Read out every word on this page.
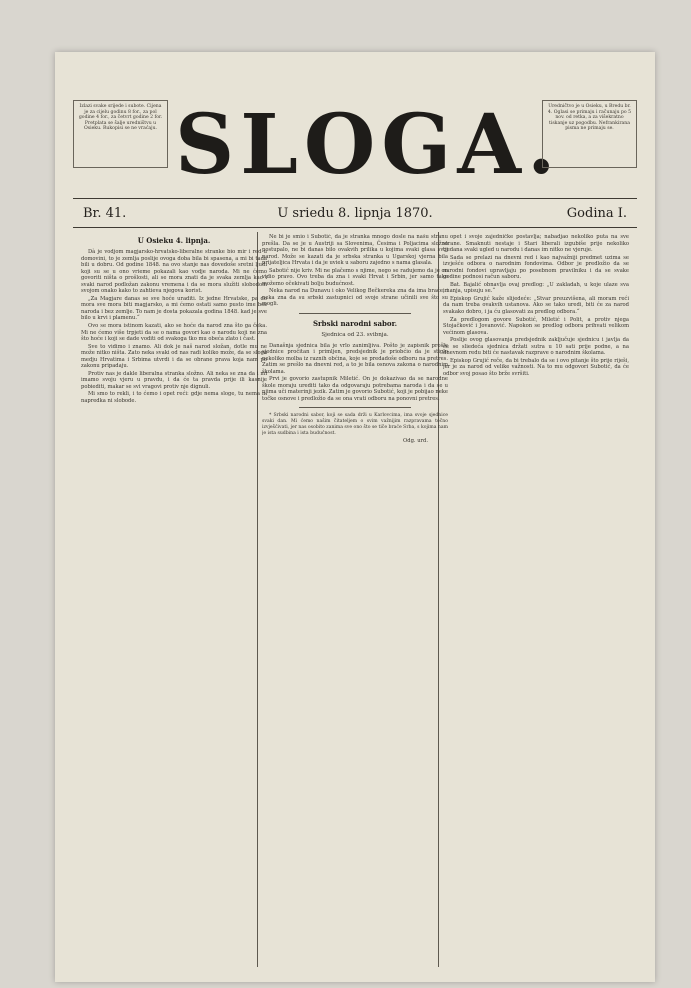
Izlazi svake srijede i subote. Cijena je za cijelu godinu 8 for., za pol godine 4 for., za četvrt godine 2 for. Pretplata se šalje uredništvu u Osieku. Rukopisi se ne vraćaju. SLOGA.
Uredničtvo je u Osieku, u Bredu br. 4. Oglasi se primaju i računaju po 5 nov. od retka, a za višekratno tiskanje uz pogodbu. Nefrankirana pisma ne primaju se.
Br. 41.	U sriedu 8. lipnja 1870.	Godina I.
U Osieku 4. lipnja.

Dà je vodjom magjarsko-hrvatsko-liberalne stranke bio mir i red u domovini, to je zemlja poslije ovoga doba bila bi spasena, a mi bi tada bili u dobru. Od godine 1848. na ovo stanje nas dovedoše sretni ljudi koji su se u ono vrieme pokazali kao vodje naroda. Mi ne ćemo govoriti ništa o prošlosti, ali se mora znati da je svaka zemlja kao i svaki narod podložan zakonu vremena i da se mora služiti slobodom svojom onako kako to zahtieva njegova korist.

„Za Magjare danas se sve hoće uraditi. Iz jedne Hrvatske, pa do mora sve mora biti magjarsko, a mi ćemo ostati samo pusto ime bez naroda i bez zemlje. To nam je dosta pokazala godina 1848. kad je sve bilo u krvi i plamenu.“

Ovo se mora istinom kazati, ako se hoće da narod zna što ga čeka. Mi ne ćemo više trpjeti da se o nama govori kao o narodu koji ne zna što hoće i koji se dade voditi od svakoga tko mu obeća zlato i čast.

Sve to vidimo i znamo. Ali dok je naš narod složan, dotle mu ne može nitko ništa. Zato neka svaki od nas radi koliko može, da se sloga medju Hrvatima i Srbima utvrdi i da se obrane prava koja nam po zakonu pripadaju.

Protiv nas je dakle liberalna stranka složno. Ali neka se zna da i mi imamo svoju vjeru u pravdu, i da će ta pravda prije ili kasnije pobiediti, makar se svi vragovi protiv nje dignuli.

Mi smo to rekli, i to ćemo i opet reći: gdje nema sloge, tu nema ni napredka ni slobode.

Ne bi je smio i Subotić, da je stranka mnogo dosle na našu stranu prešla. Da se je u Austriji sa Slovenima, Česima i Poljacima složno postupalo, ne bi danas bilo ovakvih prilika u kojima svaki glasa svoj narod. Može se kazati da je srbska stranka u Ugarskoj vjerna bila prijateljica Hrvata i da je uviek u saboru zajedno s nama glasala.

Sabotić nije kriv. Mi ne plačemo s njime, nego se radujemo da je on vidio pravo. Ovo treba da zna i svaki Hrvat i Srbin, jer samo tako možemo očekivati bolju budućnost.

Neka narod na Dunavu i oko Velikog Bečkereka zna da ima braće, i neka zna da su srbski zastupnici od svoje strane učinili sve što su mogli.

Srbski narodni sabor.
Sjednica od 23. svibnja.

Današnja sjednica bila je vrlo zanimljiva. Pošto je zapisnik prošle sjednice pročitan i primljen, predsjednik je priobćio da je stiglo nekoliko molba iz raznih obćina, koje se predadoše odboru na pretres. Zatim se prešlo na dnevni red, a to je bila osnova zakona o narodnim školama.

Prvi je govorio zastupnik Miletić. On je dokazivao da se narodne škole moraju urediti tako da odgovaraju potrebama naroda i da se u njima uči materinji jezik. Zatim je govorio Subotić, koji je pobijao neke točke osnove i predložio da se ona vrati odboru na ponovni pretres.

* Srbski narodni sabor, koji se sada drži u Karlovcima, ima svoje sjednice svaki dan. Mi ćemo našim čitateljem o svim važnijim razpravama točno izvješćivati, jer nas osobito zanima sve ono što se tiče braće Srba, s kojima nam je ista sudbina i ista budućnost.

Odg. urd.

opet i svoje zajedničke postavlja; nabadjao nekoliko puta na sve strane. Smaknuti nestaje i Stari liberali izgubiše prije nekoliko tjedana svaki ugled u narodu i danas im nitko ne vjeruje.

Sada se prelazi na dnevni red i kao najvažniji predmet uzima se izvješće odbora o narodnim fondovima. Odbor je predložio da se narodni fondovi upravljaju po posebnom pravilniku i da se svake godine podnosi račun saboru.

Bat. Bajalić obnavlja ovaj predlog: „U zakladah, u koje ulaze sva imanja, upisuju se.“

Episkop Grujić kaže slijedeće: „Stvar preuzvišena, ali moram reći da nam treba ovakvih ustanova. Ako se tako uredi, biti će za narod svakako dobro, i ja ću glasovati za predlog odbora.“

Za predlogom govore Subotić, Miletić i Polit, a protiv njega Stojačković i Jovanović. Napokon se predlog odbora prihvati velikom većinom glasova.

Poslije ovog glasovanja predsjednik zaključuje sjednicu i javlja da će se sliedeća sjednica držati sutra u 10 sati prije podne, a na dnevnom redu biti će nastavak razprave o narodnim školama.

Episkop Grujić reče, da bi trebalo da se i ovo pitanje što prije riješi, jer je za narod od velike važnosti. Na to mu odgovori Subotić, da će odbor svoj posao što brže svršiti.
